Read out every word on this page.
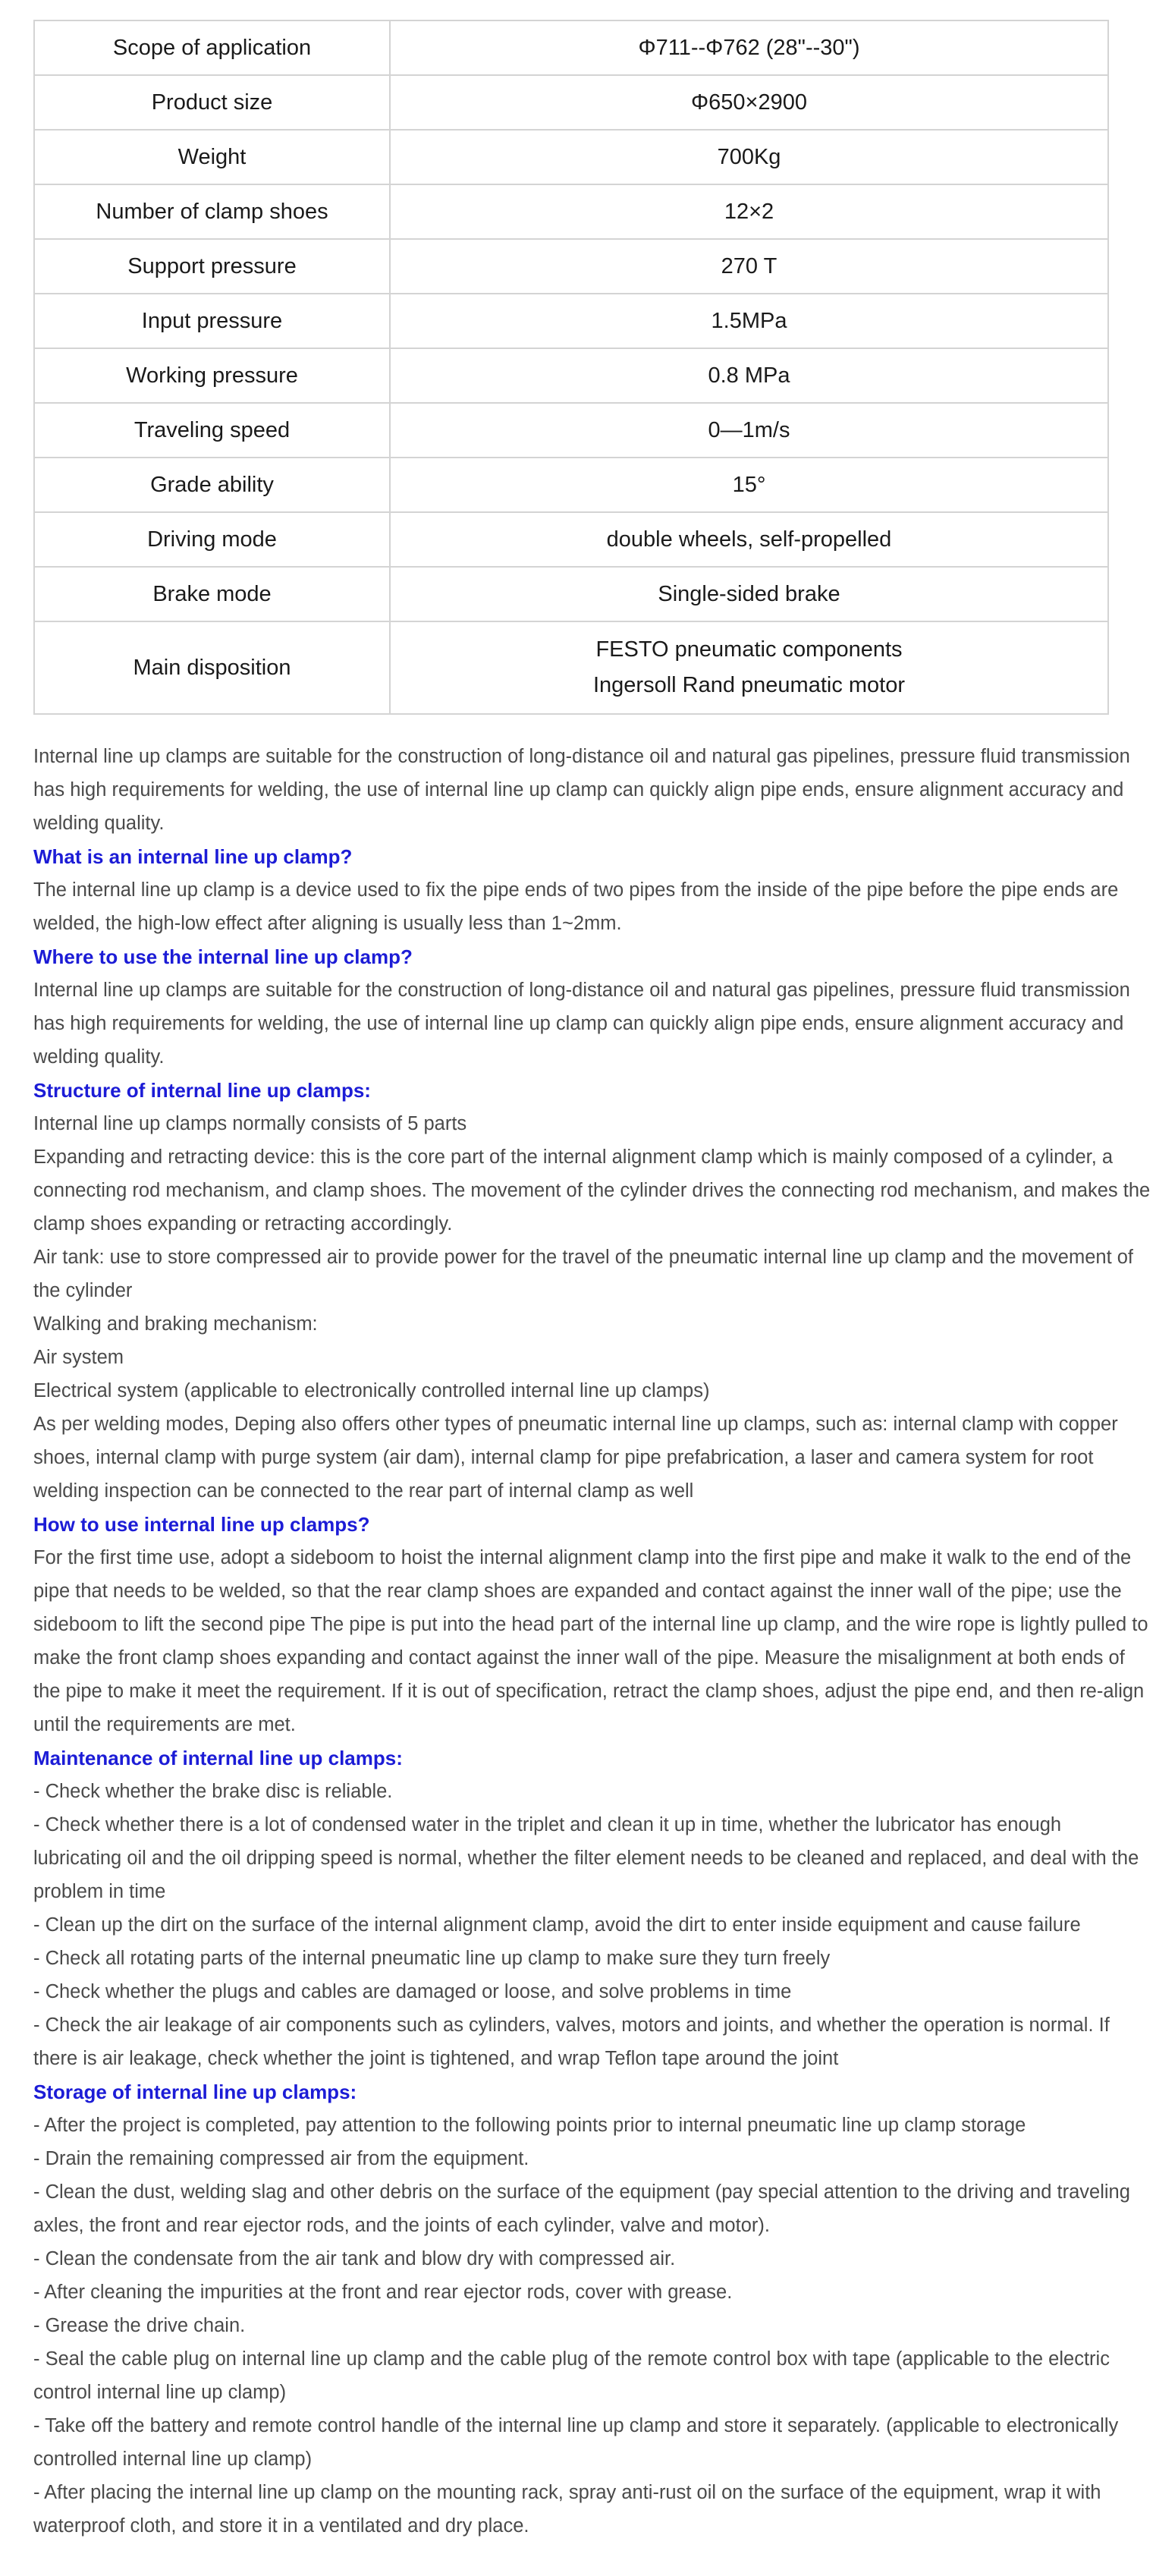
Scope of application	Φ711--Φ762 (28"--30")
Product size	Φ650×2900
Weight	700Kg
Number of clamp shoes	12×2
Support pressure	270 T
Input pressure	1.5MPa
Working pressure	0.8 MPa
Traveling speed	0—1m/s
Grade ability	15°
Driving mode	double wheels, self-propelled
Brake mode	Single-sided brake
Main disposition	FESTO pneumatic components
Ingersoll Rand pneumatic motor

Internal line up clamps are suitable for the construction of long-distance oil and natural gas pipelines, pressure fluid transmission has high requirements for welding, the use of internal line up clamp can quickly align pipe ends, ensure alignment accuracy and welding quality.

What is an internal line up clamp?

The internal line up clamp is a device used to fix the pipe ends of two pipes from the inside of the pipe before the pipe ends are welded, the high-low effect after aligning is usually less than 1~2mm.

Where to use the internal line up clamp?

Internal line up clamps are suitable for the construction of long-distance oil and natural gas pipelines, pressure fluid transmission has high requirements for welding, the use of internal line up clamp can quickly align pipe ends, ensure alignment accuracy and welding quality.

Structure of internal line up clamps:

Internal line up clamps normally consists of 5 parts

Expanding and retracting device: this is the core part of the internal alignment clamp which is mainly composed of a cylinder, a connecting rod mechanism, and clamp shoes. The movement of the cylinder drives the connecting rod mechanism, and makes the clamp shoes expanding or retracting accordingly.

Air tank: use to store compressed air to provide power for the travel of the pneumatic internal line up clamp and the movement of the cylinder

Walking and braking mechanism:

Air system

Electrical system (applicable to electronically controlled internal line up clamps)

As per welding modes, Deping also offers other types of pneumatic internal line up clamps, such as: internal clamp with copper shoes, internal clamp with purge system (air dam), internal clamp for pipe prefabrication, a laser and camera system for root welding inspection can be connected to the rear part of internal clamp as well

How to use internal line up clamps?

For the first time use, adopt a sideboom to hoist the internal alignment clamp into the first pipe and make it walk to the end of the pipe that needs to be welded, so that the rear clamp shoes are expanded and contact against the inner wall of the pipe; use the sideboom to lift the second pipe The pipe is put into the head part of the internal line up clamp, and the wire rope is lightly pulled to make the front clamp shoes expanding and contact against the inner wall of the pipe. Measure the misalignment at both ends of the pipe to make it meet the requirement. If it is out of specification, retract the clamp shoes, adjust the pipe end, and then re-align until the requirements are met.

Maintenance of internal line up clamps:

- Check whether the brake disc is reliable.

- Check whether there is a lot of condensed water in the triplet and clean it up in time, whether the lubricator has enough lubricating oil and the oil dripping speed is normal, whether the filter element needs to be cleaned and replaced, and deal with the problem in time

- Clean up the dirt on the surface of the internal alignment clamp, avoid the dirt to enter inside equipment and cause failure

- Check all rotating parts of the internal pneumatic line up clamp to make sure they turn freely

- Check whether the plugs and cables are damaged or loose, and solve problems in time

- Check the air leakage of air components such as cylinders, valves, motors and joints, and whether the operation is normal. If there is air leakage, check whether the joint is tightened, and wrap Teflon tape around the joint

Storage of internal line up clamps:

- After the project is completed, pay attention to the following points prior to internal pneumatic line up clamp storage

- Drain the remaining compressed air from the equipment.

- Clean the dust, welding slag and other debris on the surface of the equipment (pay special attention to the driving and traveling axles, the front and rear ejector rods, and the joints of each cylinder, valve and motor).

- Clean the condensate from the air tank and blow dry with compressed air.

- After cleaning the impurities at the front and rear ejector rods, cover with grease.

- Grease the drive chain.

- Seal the cable plug on internal line up clamp and the cable plug of the remote control box with tape (applicable to the electric control internal line up clamp)

- Take off the battery and remote control handle of the internal line up clamp and store it separately. (applicable to electronically controlled internal line up clamp)

- After placing the internal line up clamp on the mounting rack, spray anti-rust oil on the surface of the equipment, wrap it with waterproof cloth, and store it in a ventilated and dry place.
